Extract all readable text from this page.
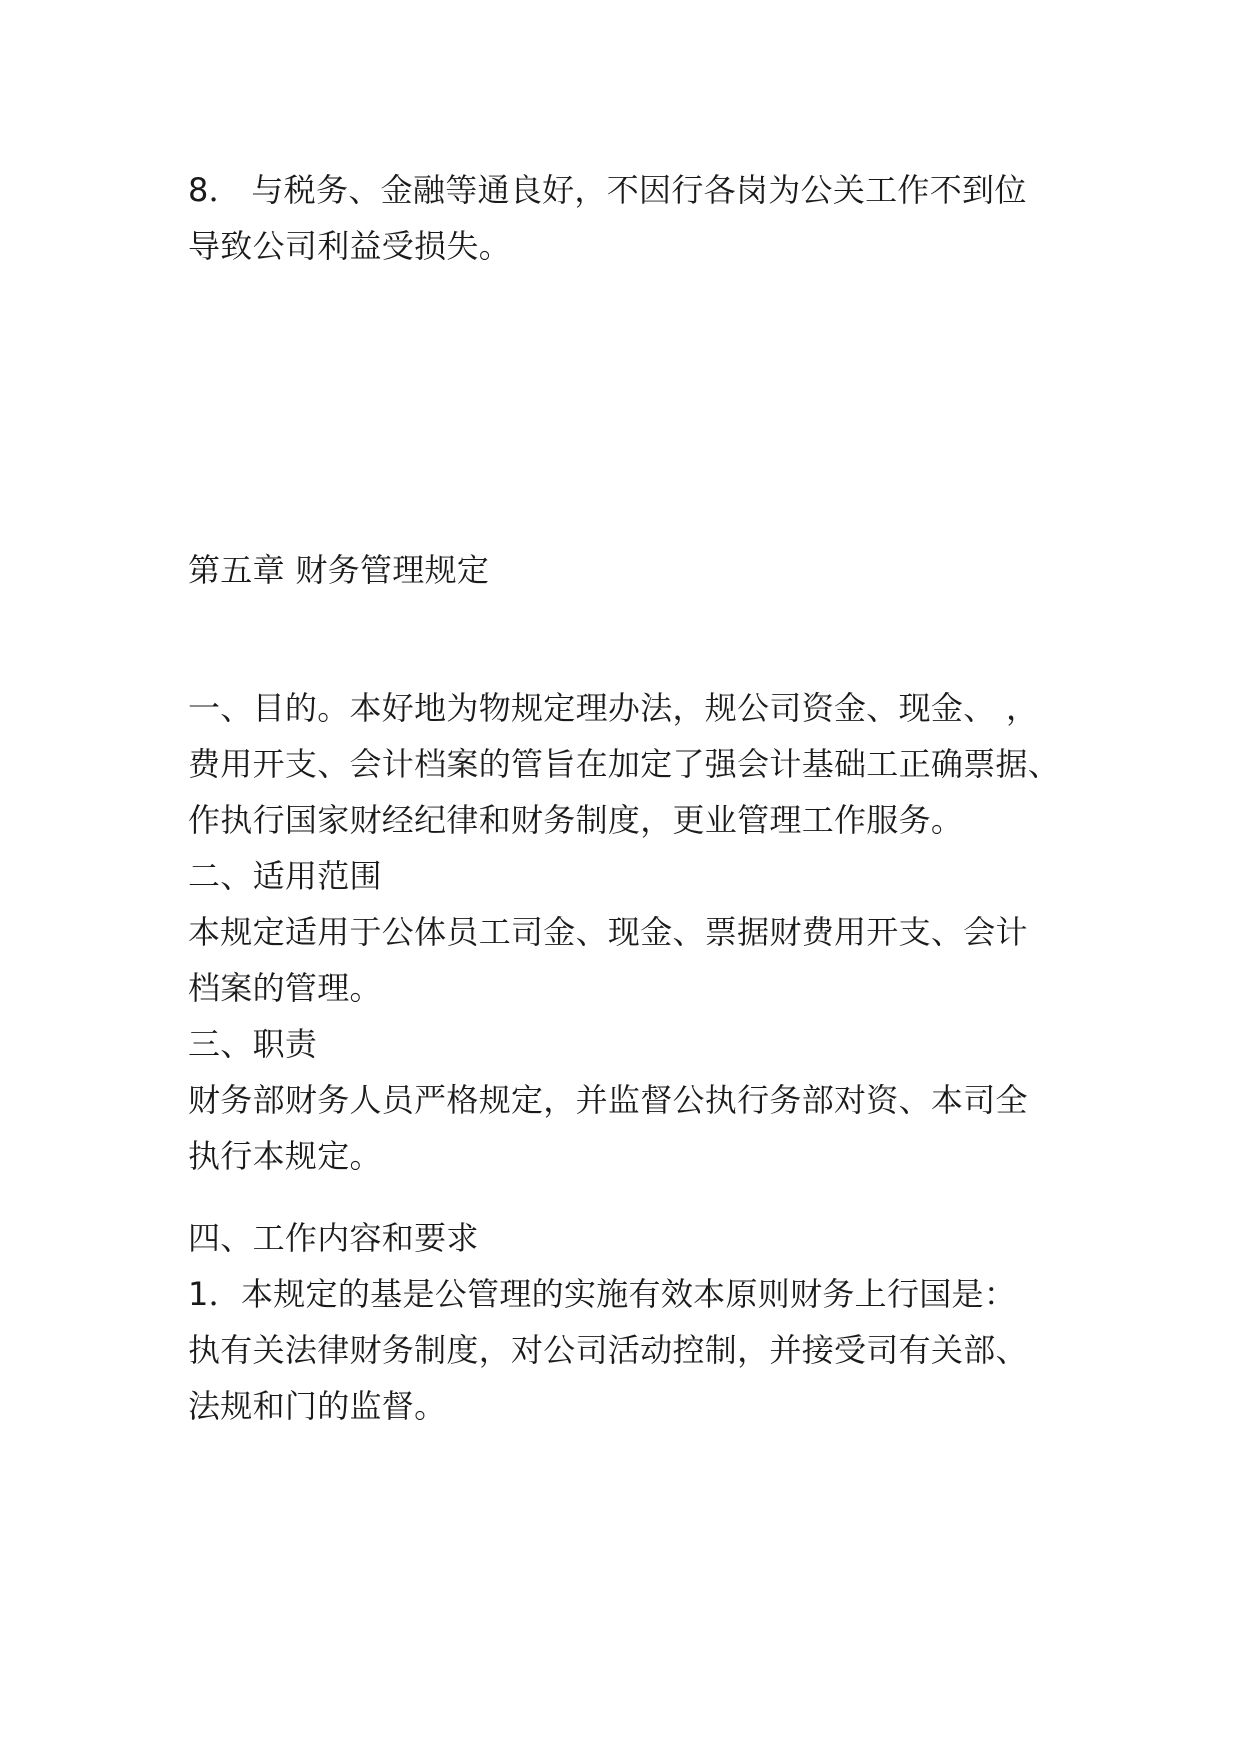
8． 与税务、金融等通良好，不因行各岗为公关工作不到位
导致公司利益受损失。
第五章 财务管理规定
一、目的。本好地为物规定理办法，规公司资金、现金、 ，
费用开支、会计档案的管旨在加定了强会计基础工正确票据、
作执行国家财经纪律和财务制度，更业管理工作服务。
二、适用范围
本规定适用于公体员工司金、现金、票据财费用开支、会计
档案的管理。
三、职责
财务部财务人员严格规定，并监督公执行务部对资、本司全
执行本规定。
四、工作内容和要求
1．本规定的基是公管理的实施有效本原则财务上行国是：
执有关法律财务制度，对公司活动控制，并接受司有关部、
法规和门的监督。
